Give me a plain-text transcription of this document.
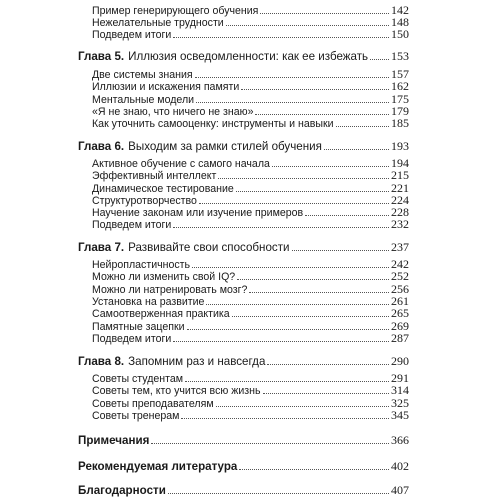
Пример генерирующего обучения	142
Нежелательные трудности	148
Подведем итоги	150
Глава 5. Иллюзия осведомленности: как ее избежать 153
Две системы знания	157
Иллюзии и искажения памяти	162
Ментальные модели	175
«Я не знаю, что ничего не знаю»	179
Как уточнить самооценку: инструменты и навыки	185
Глава 6. Выходим за рамки стилей обучения	193
Активное обучение с самого начала	194
Эффективный интеллект	215
Динамическое тестирование	221
Структуротворчество	224
Научение законам или изучение примеров	228
Подведем итоги	232
Глава 7. Развивайте свои способности	237
Нейропластичность	242
Можно ли изменить свой IQ?	252
Можно ли натренировать мозг?	256
Установка на развитие	261
Самоотверженная практика	265
Памятные зацепки	269
Подведем итоги	287
Глава 8. Запомним раз и навсегда	290
Советы студентам	291
Советы тем, кто учится всю жизнь	314
Советы преподавателям	325
Советы тренерам	345
Примечания	366
Рекомендуемая литература	402
Благодарности	407
